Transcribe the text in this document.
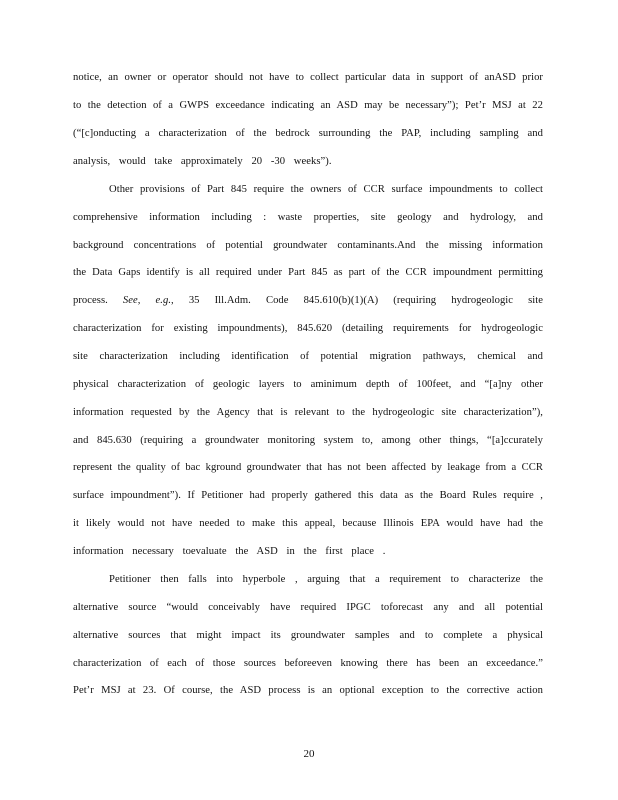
notice, an owner or operator should not have to collect particular data in support of anASD prior
to the detection of a GWPS exceedance indicating an ASD may be necessary”); Pet’r MSJ at 22
(“[c]onducting a characterization of the bedrock surrounding the PAP, including sampling and
analysis, would take approximately 20 -30 weeks”).
Other provisions of Part 845 require the owners of CCR surface impoundments to collect
comprehensive information including : waste properties, site geology and hydrology, and
background concentrations of potential groundwater contaminants.And the missing information
the Data Gaps identify is all required under Part 845 as part of the CCR impoundment permitting
process. See, e.g., 35 Ill.Adm. Code 845.610(b)(1)(A) (requiring hydrogeologic site
characterization for existing impoundments), 845.620 (detailing requirements for hydrogeologic
site characterization including identification of potential migration pathways, chemical and
physical characterization of geologic layers to aminimum depth of 100feet, and “[a]ny other
information requested by the Agency that is relevant to the hydrogeologic site characterization”),
and 845.630 (requiring a groundwater monitoring system to, among other things, “[a]ccurately
represent the quality of bac kground groundwater that has not been affected by leakage from a CCR
surface impoundment”). If Petitioner had properly gathered this data as the Board Rules require ,
it likely would not have needed to make this appeal, because Illinois EPA would have had the
information necessary toevaluate the ASD in the first place .
Petitioner then falls into hyperbole , arguing that a requirement to characterize the
alternative source “would conceivably have required IPGC toforecast any and all potential
alternative sources that might impact its groundwater samples and to complete a physical
characterization of each of those sources beforeeven knowing there has been an exceedance.”
Pet’r MSJ at 23. Of course, the ASD process is an optional exception to the corrective action
20
